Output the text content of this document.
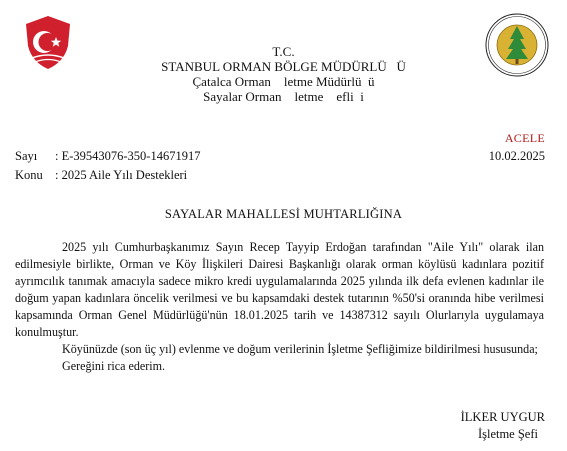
T.C.
STANBUL ORMAN BÖLGE MÜDÜRLÜ   Ü
Çatalca Orman    letme Müdürlü  ü
Sayalar Orman    letme    efli  i
ACELE
Sayı : E-39543076-350-14671917	10.02.2025
Konu : 2025 Aile Yılı Destekleri
SAYALAR MAHALLESİ MUHTARLIĞINA

2025 yılı Cumhurbaşkanımız Sayın Recep Tayyip Erdoğan tarafından "Aile Yılı" olarak ilan edilmesiyle birlikte, Orman ve Köy İlişkileri Dairesi Başkanlığı olarak orman köylüsü kadınlara pozitif ayrımcılık tanımak amacıyla sadece mikro kredi uygulamalarında 2025 yılında ilk defa evlenen kadınlar ile doğum yapan kadınlara öncelik verilmesi ve bu kapsamdaki destek tutarının %50'si oranında hibe verilmesi kapsamında Orman Genel Müdürlüğü'nün 18.01.2025 tarih ve 14387312 sayılı Olurlarıyla uygulamaya konulmuştur.

Köyünüzde (son üç yıl) evlenme ve doğum verilerinin İşletme Şefliğimize bildirilmesi hususunda;

Gereğini rica ederim.

İLKER UYGUR
İşletme Şefi
